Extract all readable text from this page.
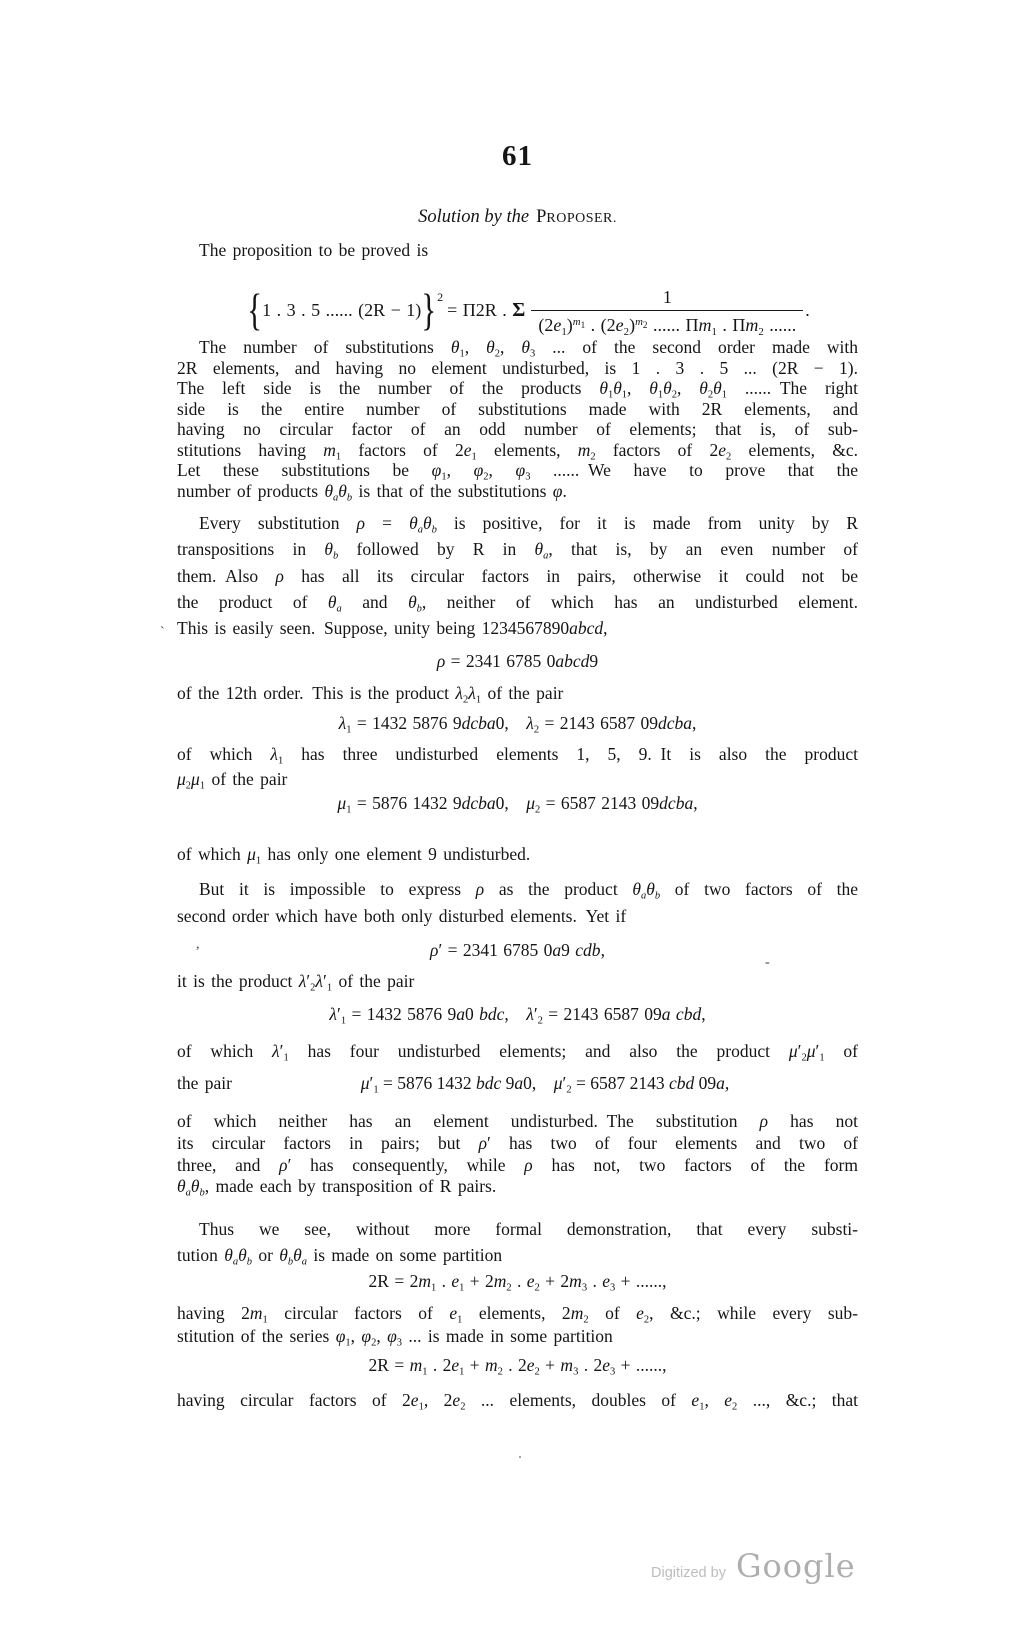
61
Solution by the PROPOSER.
The proposition to be proved is

{1 . 3 . 5 ...... (2R − 1)}$^2$= Π2R . Σ $\frac{1}{(2e_1)^{m_1} . (2e_2)^{m_2} ...... \Pi m_1 . \Pi m_2 ......}$ .

The number of substitutions $\theta_1$, $\theta_2$, $\theta_3$ ... of the second order made with
2R elements, and having no element undisturbed, is 1 . 3 . 5 ... (2R − 1).
The left side is the number of the products $\theta_1\theta_1$, $\theta_1\theta_2$, $\theta_2\theta_1$ ...... The right
side is the entire number of substitutions made with 2R elements, and
having no circular factor of an odd number of elements; that is, of sub-
stitutions having $m_1$ factors of $2e_1$ elements, $m_2$ factors of $2e_2$ elements, &c.
Let these substitutions be $\varphi_1$, $\varphi_2$, $\varphi_3$ ...... We have to prove that the
number of products $\theta_a\theta_b$ is that of the substitutions φ.
Every substitution $\rho = \theta_a\theta_b$ is positive, for it is made from unity by R
transpositions in $\theta_b$ followed by R in $\theta_a$, that is, by an even number of
them. Also ρ has all its circular factors in pairs, otherwise it could not be
the product of $\theta_a$ and $\theta_b$, neither of which has an undisturbed element.
This is easily seen. Suppose, unity being 1234567890abcd,
ρ = 2341 6785 0abcd9
of the 12th order. This is the product $\lambda_2\lambda_1$ of the pair
$\lambda_1 = 1432$ 5876 9dcba0, $\lambda_2 = 2143$ 6587 09dcba,
of which $\lambda_1$ has three undisturbed elements 1, 5, 9. It is also the product
$\mu_2\mu_1$ of the pair
$\mu_1 = 5876$ 1432 9dcba0, $\mu_2 = 6587$ 2143 09dcba,
of which $\mu_1$ has only one element 9 undisturbed.
But it is impossible to express ρ as the product $\theta_a\theta_b$ of two factors of the
second order which have both only disturbed elements. Yet if
ρ′ = 2341 6785 0a9 cdb,
it is the product $\lambda'_2\lambda'_1$ of the pair
$\lambda'_1 = 1432$ 5876 9a0 bdc, $\lambda'_2 = 2143$ 6587 09a cbd,
of which $\lambda'_1$ has four undisturbed elements; and also the product $\mu'_2\mu'_1$ of
the pair	$\mu'_1 = 5876$ 1432 bdc 9a0, $\mu'_2 = 6587$ 2143 cbd 09a,
of which neither has an element undisturbed. The substitution ρ has not
its circular factors in pairs; but ρ′ has two of four elements and two of
three, and ρ′ has consequently, while ρ has not, two factors of the form
$\theta_a\theta_b$, made each by transposition of R pairs.
Thus we see, without more formal demonstration, that every substi-
tution $\theta_a\theta_b$ or $\theta_b\theta_a$ is made on some partition
$2R = 2m_1$ . $e_1 + 2m_2$ . $e_2 + 2m_3$ . $e_3$ + ......,
having $2m_1$ circular factors of $e_1$ elements, $2m_2$ of $e_2$, &c.; while every sub-
stitution of the series $\varphi_1$, $\varphi_2$, $\varphi_3$ ... is made in some partition
$2R = m_1$ . $2e_1 + m_2$ . $2e_2 + m_3$ . $2e_3$ + ......,
having circular factors of $2e_1$, $2e_2$ ... elements, doubles of $e_1$, $e_2$ ..., &c.; that
ˋ
,
-
Digitized by Google
